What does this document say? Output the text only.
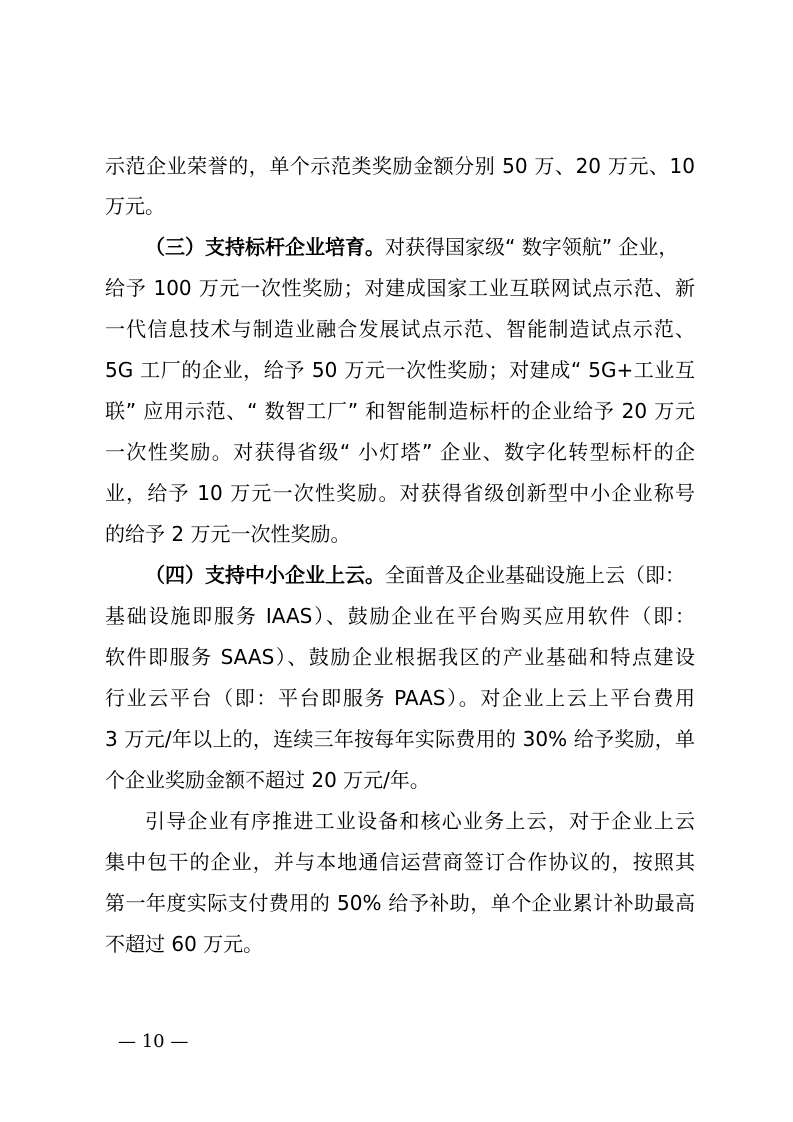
示范企业荣誉的，单个示范类奖励金额分别 50 万、20 万元、10
万元。
（三）支持标杆企业培育。对获得国家级“ 数字领航” 企业，
给予 100 万元一次性奖励；对建成国家工业互联网试点示范、新
一代信息技术与制造业融合发展试点示范、智能制造试点示范、
5G 工厂的企业，给予 50 万元一次性奖励；对建成“ 5G+工业互
联” 应用示范、“ 数智工厂” 和智能制造标杆的企业给予 20 万元
一次性奖励。对获得省级“ 小灯塔” 企业、数字化转型标杆的企
业，给予 10 万元一次性奖励。对获得省级创新型中小企业称号
的给予 2 万元一次性奖励。
（四）支持中小企业上云。全面普及企业基础设施上云（即：
基础设施即服务 IAAS）、鼓励企业在平台购买应用软件（即：
软件即服务 SAAS）、鼓励企业根据我区的产业基础和特点建设
行业云平台（即：平台即服务 PAAS）。对企业上云上平台费用
3 万元/年以上的，连续三年按每年实际费用的 30% 给予奖励，单
个企业奖励金额不超过 20 万元/年。
引导企业有序推进工业设备和核心业务上云，对于企业上云
集中包干的企业，并与本地通信运营商签订合作协议的，按照其
第一年度实际支付费用的 50% 给予补助，单个企业累计补助最高
不超过 60 万元。
— 10 —
